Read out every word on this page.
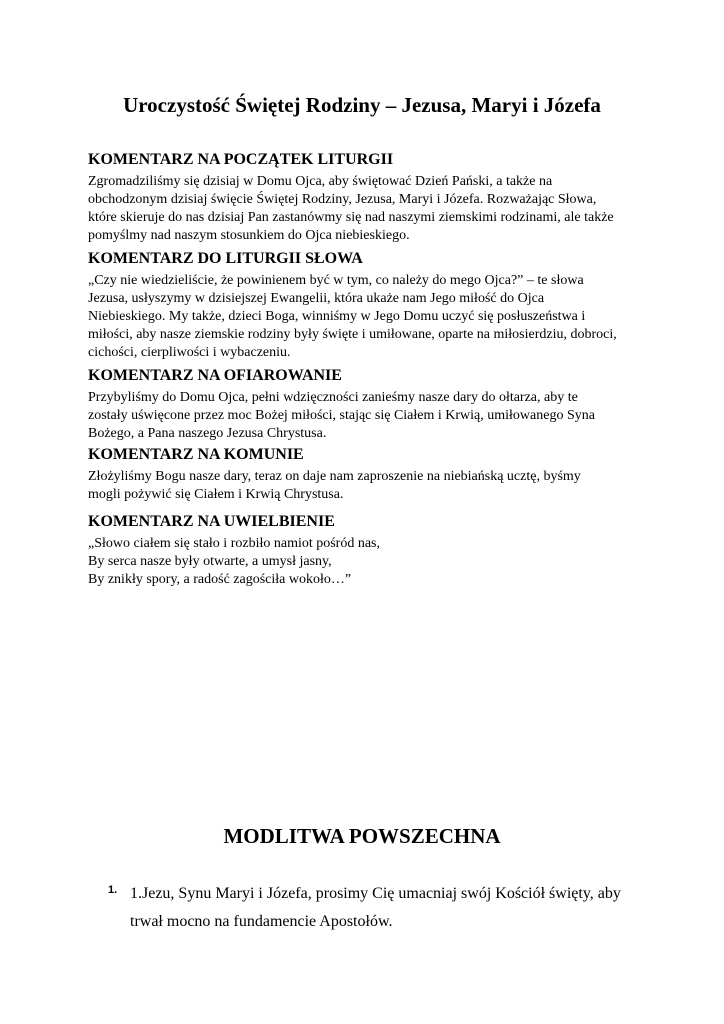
Uroczystość Świętej Rodziny – Jezusa, Maryi i Józefa
KOMENTARZ NA POCZĄTEK LITURGII

Zgromadziliśmy się dzisiaj w Domu Ojca, aby świętować Dzień Pański, a także na
obchodzonym dzisiaj święcie Świętej Rodziny, Jezusa, Maryi i Józefa. Rozważając Słowa,
które skieruje do nas dzisiaj Pan zastanówmy się nad naszymi ziemskimi rodzinami, ale także
pomyślmy nad naszym stosunkiem do Ojca niebieskiego.

KOMENTARZ DO LITURGII SŁOWA

„Czy nie wiedzieliście, że powinienem być w tym, co należy do mego Ojca?” – te słowa
Jezusa, usłyszymy w dzisiejszej Ewangelii, która ukaże nam Jego miłość do Ojca
Niebieskiego. My także, dzieci Boga, winniśmy w Jego Domu uczyć się posłuszeństwa i
miłości, aby nasze ziemskie rodziny były święte i umiłowane, oparte na miłosierdziu, dobroci,
cichości, cierpliwości i wybaczeniu.

KOMENTARZ NA OFIAROWANIE

Przybyliśmy do Domu Ojca, pełni wdzięczności zanieśmy nasze dary do ołtarza, aby te
zostały uświęcone przez moc Bożej miłości, stając się Ciałem i Krwią, umiłowanego Syna
Bożego, a Pana naszego Jezusa Chrystusa.

KOMENTARZ NA KOMUNIE

Złożyliśmy Bogu nasze dary, teraz on daje nam zaproszenie na niebiańską ucztę, byśmy
mogli pożywić się Ciałem i Krwią Chrystusa.

KOMENTARZ NA UWIELBIENIE

„Słowo ciałem się stało i rozbiło namiot pośród nas,
By serca nasze były otwarte, a umysł jasny,
By znikły spory, a radość zagościła wokoło…”

MODLITWA POWSZECHNA
1. 1.Jezu, Synu Maryi i Józefa, prosimy Cię umacniaj swój Kościół święty, aby trwał mocno na fundamencie Apostołów.
